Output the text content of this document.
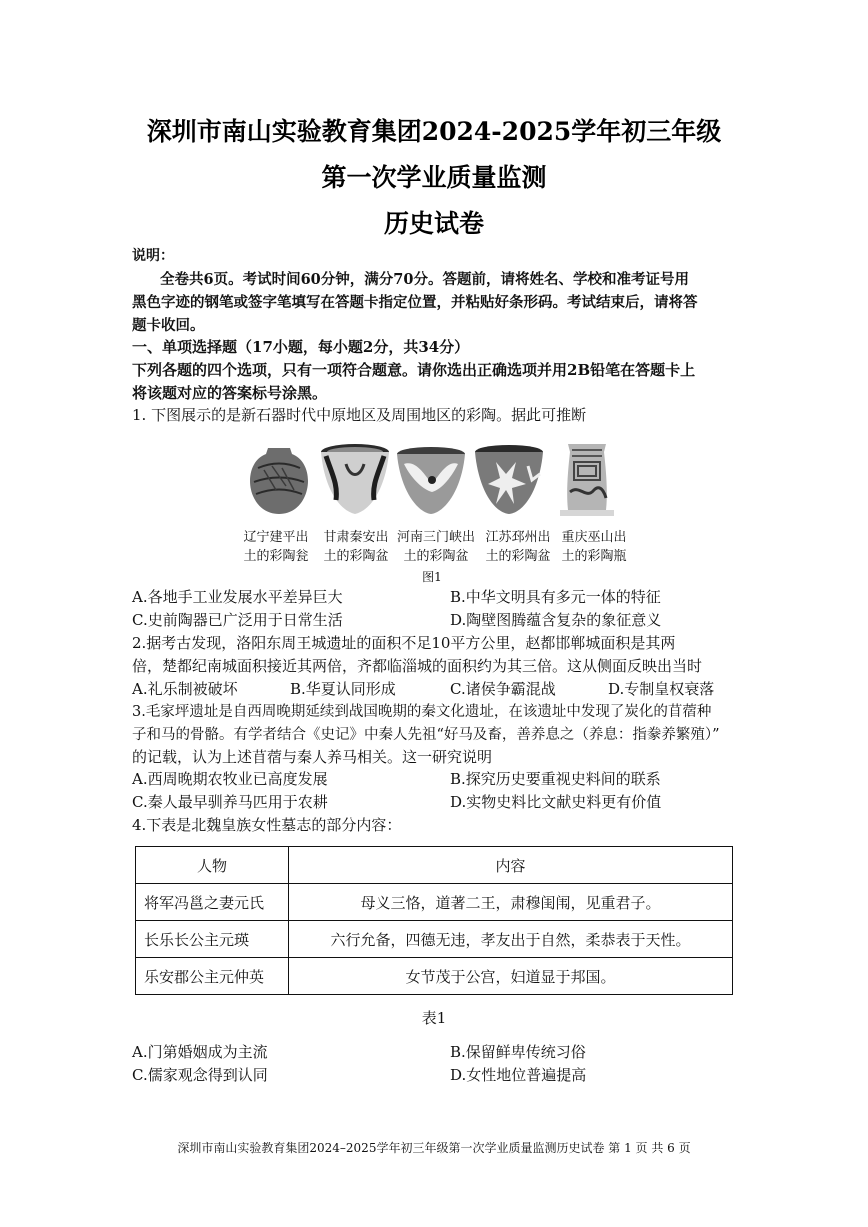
深圳市南山实验教育集团2024-2025学年初三年级
第一次学业质量监测
历史试卷
说明：
全卷共6页。考试时间60分钟，满分70分。答题前，请将姓名、学校和准考证号用
黑色字迹的钢笔或签字笔填写在答题卡指定位置，并粘贴好条形码。考试结束后，请将答
题卡收回。
一、单项选择题（17小题，每小题2分，共34分）
下列各题的四个选项，只有一项符合题意。请你选出正确选项并用2B铅笔在答题卡上
将该题对应的答案标号涂黑。
1. 下图展示的是新石器时代中原地区及周围地区的彩陶。据此可推断
辽宁建平出
土的彩陶瓮
甘肃秦安出
土的彩陶盆
河南三门峡出
土的彩陶盆
江苏邳州出
土的彩陶盆
重庆巫山出
土的彩陶瓶
图1
A.各地手工业发展水平差异巨大	B.中华文明具有多元一体的特征
C.史前陶器已广泛用于日常生活	D.陶壁图腾蕴含复杂的象征意义
2.据考古发现，洛阳东周王城遗址的面积不足10平方公里，赵都邯郸城面积是其两
倍，楚都纪南城面积接近其两倍，齐都临淄城的面积约为其三倍。这从侧面反映出当时
A.礼乐制被破坏	B.华夏认同形成	C.诸侯争霸混战	D.专制皇权衰落
3.毛家坪遗址是自西周晚期延续到战国晚期的秦文化遗址，在该遗址中发现了炭化的苜蓿种
子和马的骨骼。有学者结合《史记》中秦人先祖“好马及畜，善养息之（养息：指豢养繁殖）”
的记载，认为上述苜蓿与秦人养马相关。这一研究说明
A.西周晚期农牧业已高度发展	B.探究历史要重视史料间的联系
C.秦人最早驯养马匹用于农耕	D.实物史料比文献史料更有价值
4.下表是北魏皇族女性墓志的部分内容：
人物	内容
将军冯邕之妻元氏	母义三恪，道著二王，肃穆闺闱，见重君子。
长乐长公主元瑛	六行允备，四德无违，孝友出于自然，柔恭表于天性。
乐安郡公主元仲英	女节茂于公宫，妇道显于邦国。
表1
A.门第婚姻成为主流	B.保留鲜卑传统习俗
C.儒家观念得到认同	D.女性地位普遍提高
深圳市南山实验教育集团2024–2025学年初三年级第一次学业质量监测历史试卷 第 1 页 共 6 页
